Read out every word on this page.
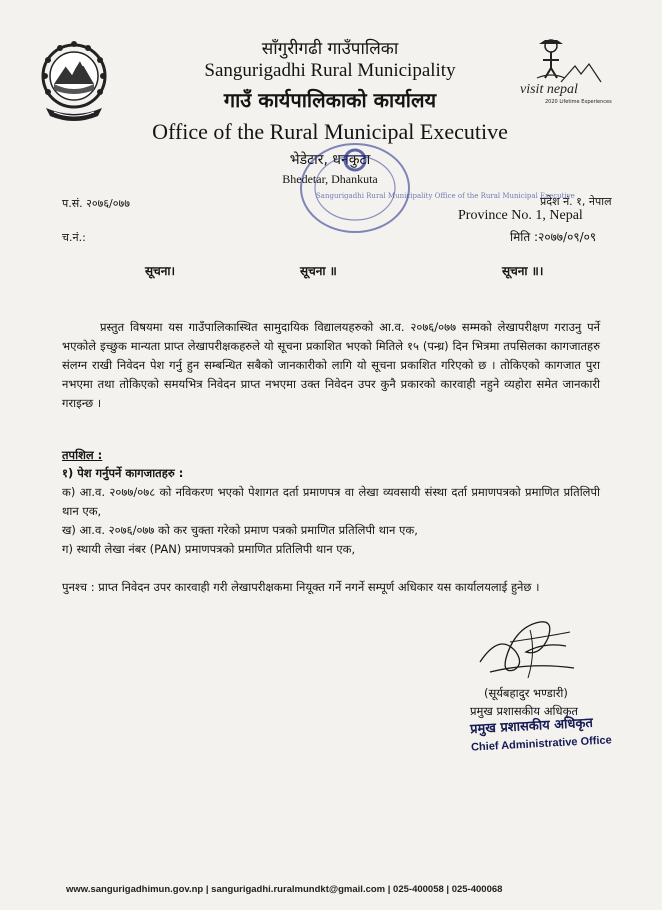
साँगुरीगढी गाउँपालिका
Sangurigadhi Rural Municipality
गाउँ कार्यपालिकाको कार्यालय
Office of the Rural Municipal Executive
भेडेटार, धनकुटा
Bhedetar, Dhankuta
visit nepal
2020 Lifetime Experiences
Sangurigadhi Rural Municipality Office of the Rural Municipal Executive
प.सं. २०७६/०७७
च.नं.:
प्रदेश नं. १, नेपाल
Province No. 1, Nepal
मिति :२०७७/०९/०९
सूचना।	सूचना ॥	सूचना ॥।
प्रस्तुत विषयमा यस गाउँपालिकास्थित सामुदायिक विद्यालयहरुको आ.व. २०७६/०७७ सम्मको लेखापरीक्षण गराउनु पर्ने भएकोले इच्छुक मान्यता प्राप्त लेखापरीक्षकहरुले यो सूचना प्रकाशित भएको मितिले १५ (पन्ध्र) दिन भित्रमा तपसिलका कागजातहरु संलग्न राखी निवेदन पेश गर्नु हुन सम्बन्धित सबैको जानकारीको लागि यो सूचना प्रकाशित गरिएको छ । तोकिएको कागजात पुरा नभएमा तथा तोकिएको समयभित्र निवेदन प्राप्त नभएमा उक्त निवेदन उपर कुनै प्रकारको कारवाही नहुने व्यहोरा समेत जानकारी गराइन्छ ।
तपशिल :
१) पेश गर्नुपर्ने कागजातहरु :
क) आ.व. २०७७/०७८ को नविकरण भएको पेशागत दर्ता प्रमाणपत्र वा लेखा व्यवसायी संस्था दर्ता प्रमाणपत्रको प्रमाणित प्रतिलिपी थान एक,
ख) आ.व. २०७६/०७७ को कर चुक्ता गरेको प्रमाण पत्रको प्रमाणित प्रतिलिपी थान एक,
ग) स्थायी लेखा नंबर (PAN) प्रमाणपत्रको प्रमाणित प्रतिलिपी थान एक,
पुनश्च : प्राप्त निवेदन उपर कारवाही गरी लेखापरीक्षकमा नियूक्त गर्ने नगर्ने सम्पूर्ण अधिकार यस कार्यालयलाई हुनेछ ।
(सूर्यबहादुर भण्डारी)
प्रमुख प्रशासकीय अधिकृत
प्रमुख प्रशासकीय अधिकृत
Chief Administrative Office
www.sangurigadhimun.gov.np | sangurigadhi.ruralmundkt@gmail.com | 025-400058 | 025-400068
